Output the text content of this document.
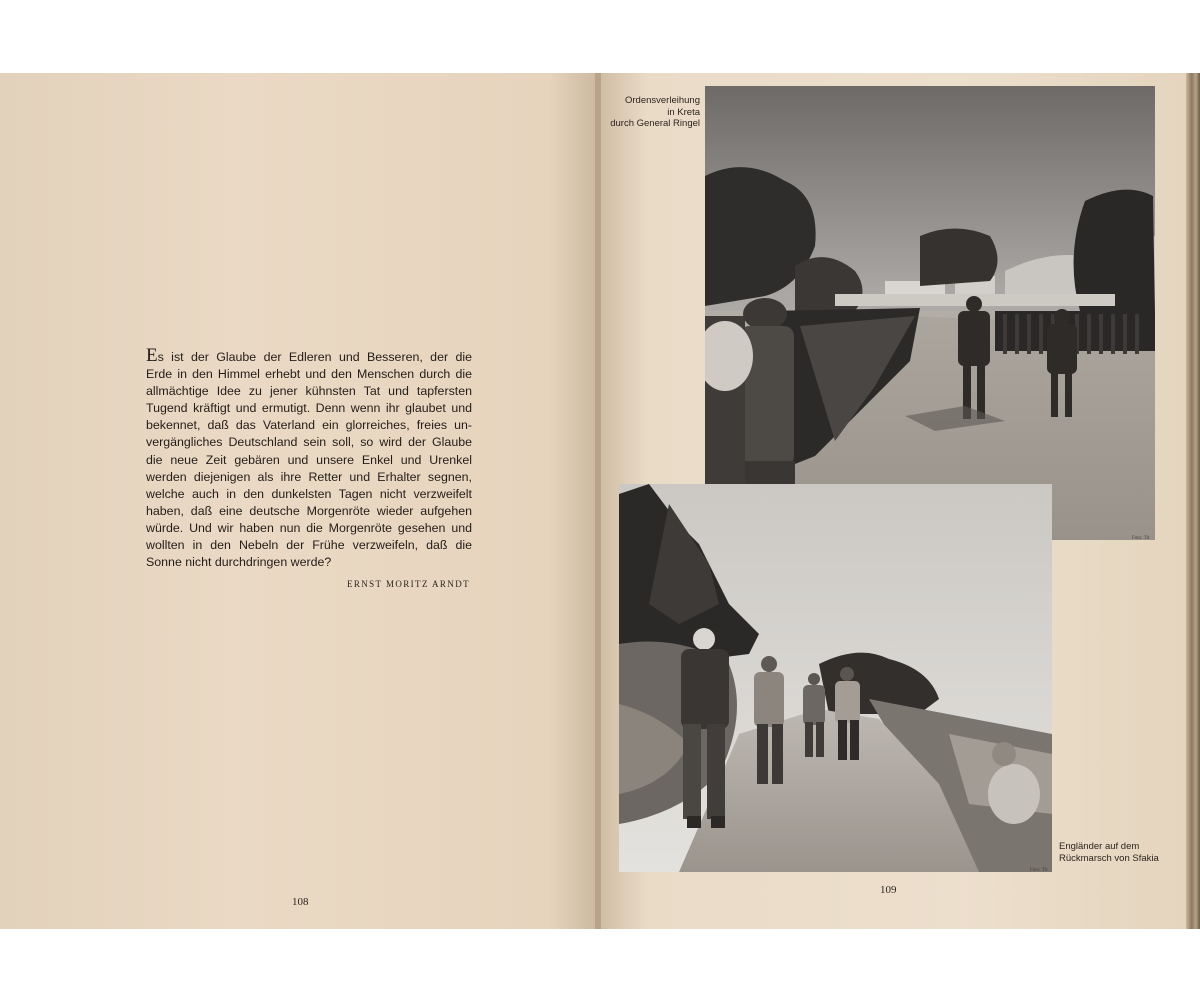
Es ist der Glaube der Edleren und Besseren, der die
Erde in den Himmel erhebt und den Menschen durch die
allmächtige Idee zu jener kühnsten Tat und tapfersten
Tugend kräftigt und ermutigt. Denn wenn ihr glaubet und
bekennet, daß das Vaterland ein glorreiches, freies un-
vergängliches Deutschland sein soll, so wird der Glaube
die neue Zeit gebären und unsere Enkel und Urenkel
werden diejenigen als ihre Retter und Erhalter segnen,
welche auch in den dunkelsten Tagen nicht verzweifelt
haben, daß eine deutsche Morgenröte wieder aufgehen
würde. Und wir haben nun die Morgenröte gesehen und
wollten in den Nebeln der Frühe verzweifeln, daß die
Sonne nicht durchdringen werde?
ERNST MORITZ ARNDT
108
Ordensverleihung
in Kreta
durch General Ringel
Foto: Tit
Foto: Tit
Engländer auf dem
Rückmarsch von Sfakia
109
